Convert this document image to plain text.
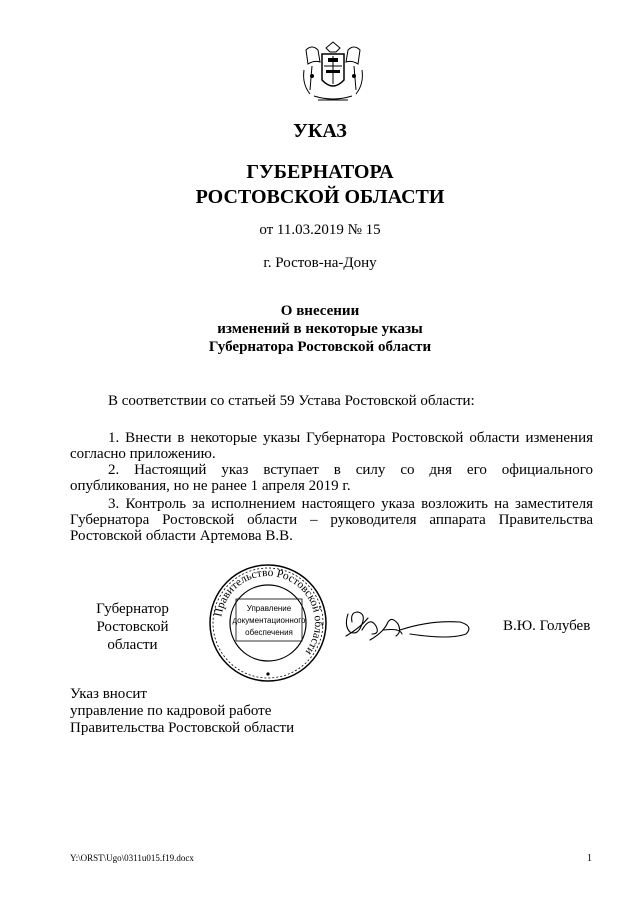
УКАЗ
ГУБЕРНАТОРА
РОСТОВСКОЙ ОБЛАСТИ
от 11.03.2019 № 15
г. Ростов-на-Дону
О внесении
изменений в некоторые указы
Губернатора Ростовской области
В соответствии со статьей 59 Устава Ростовской области:
1. Внести в некоторые указы Губернатора Ростовской области изменения согласно приложению.
2. Настоящий указ вступает в силу со дня его официального опубликования, но не ранее 1 апреля 2019 г.
3. Контроль за исполнением настоящего указа возложить на заместителя Губернатора Ростовской области – руководителя аппарата Правительства Ростовской области Артемова В.В.
Губернатор
Ростовской области
Правительство Ростовской области
Управление
документационного
обеспечения	В.Ю. Голубев
Указ вносит
управление по кадровой работе
Правительства Ростовской области
Y:\ORST\Ugo\0311u015.f19.docx	1
